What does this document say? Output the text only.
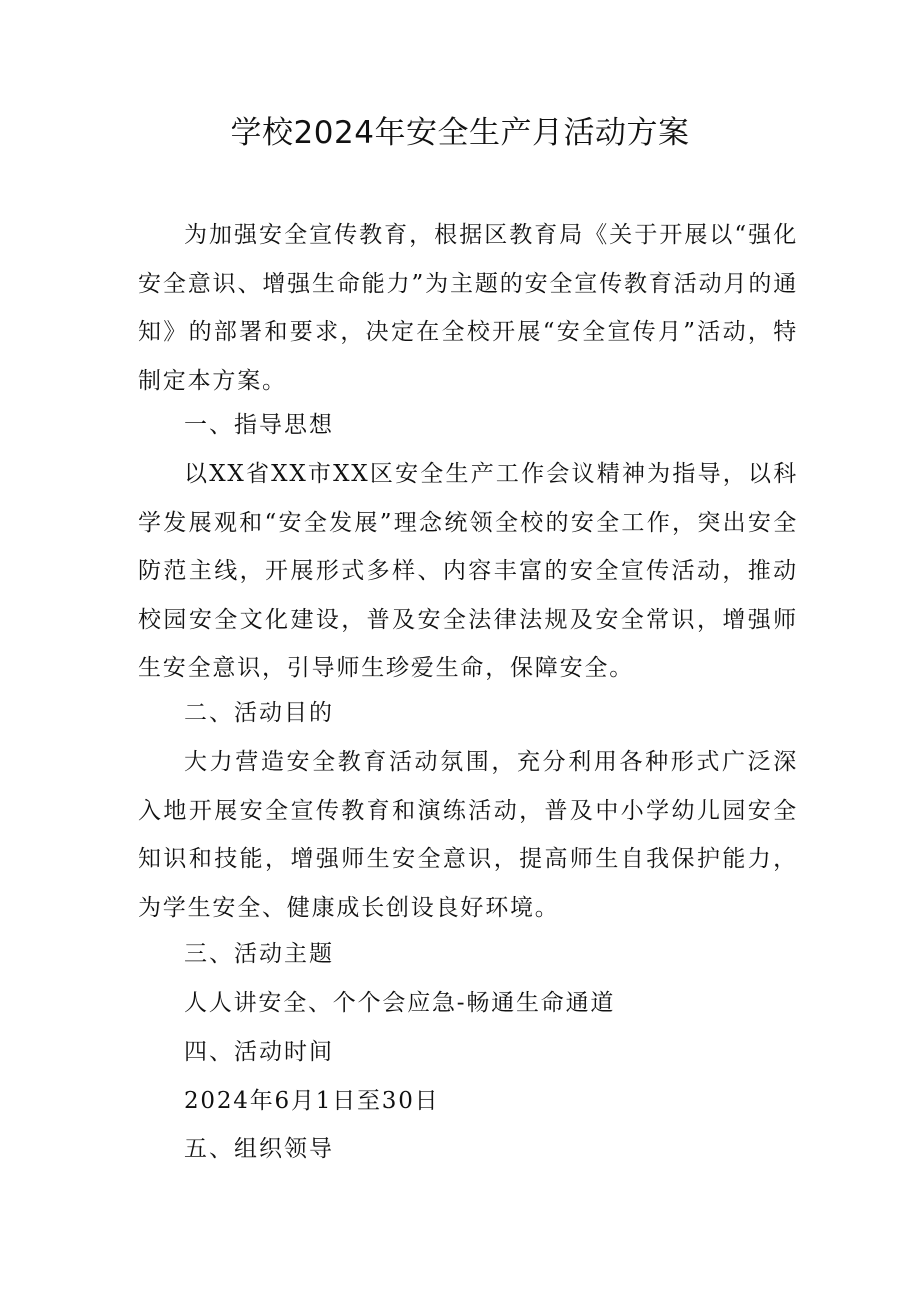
学校2024年安全生产月活动方案

为加强安全宣传教育，根据区教育局《关于开展以“强化安全意识、增强生命能力”为主题的安全宣传教育活动月的通知》的部署和要求，决定在全校开展“安全宣传月”活动，特制定本方案。

一、指导思想

以XX省XX市XX区安全生产工作会议精神为指导，以科学发展观和“安全发展”理念统领全校的安全工作，突出安全防范主线，开展形式多样、内容丰富的安全宣传活动，推动校园安全文化建设，普及安全法律法规及安全常识，增强师生安全意识，引导师生珍爱生命，保障安全。

二、活动目的

大力营造安全教育活动氛围，充分利用各种形式广泛深入地开展安全宣传教育和演练活动，普及中小学幼儿园安全知识和技能，增强师生安全意识，提高师生自我保护能力，为学生安全、健康成长创设良好环境。

三、活动主题

人人讲安全、个个会应急-畅通生命通道

四、活动时间

2024年6月1日至30日

五、组织领导
